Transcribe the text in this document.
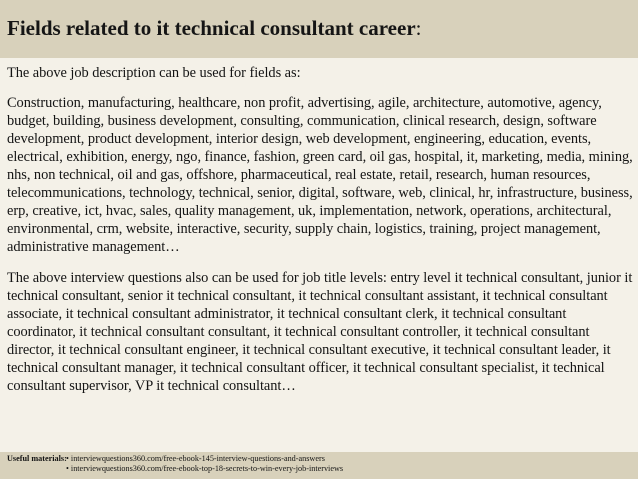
Fields related to it technical consultant career:

The above job description can be used for fields as:

Construction, manufacturing, healthcare, non profit, advertising, agile, architecture, automotive, agency, budget, building, business development, consulting, communication, clinical research, design, software development, product development, interior design, web development, engineering, education, events, electrical, exhibition, energy, ngo, finance, fashion, green card, oil gas, hospital, it, marketing, media, mining, nhs, non technical, oil and gas, offshore, pharmaceutical, real estate, retail, research, human resources, telecommunications, technology, technical, senior, digital, software, web, clinical, hr, infrastructure, business, erp, creative, ict, hvac, sales, quality management, uk, implementation, network, operations, architectural, environmental, crm, website, interactive, security, supply chain, logistics, training, project management, administrative management…

The above interview questions also can be used for job title levels: entry level it technical consultant, junior it technical consultant, senior it technical consultant, it technical consultant assistant, it technical consultant associate, it technical consultant administrator, it technical consultant clerk, it technical consultant coordinator, it technical consultant consultant, it technical consultant controller, it technical consultant director, it technical consultant engineer, it technical consultant executive, it technical consultant leader, it technical consultant manager, it technical consultant officer, it technical consultant specialist, it technical consultant supervisor, VP it technical consultant…

Useful materials: • interviewquestions360.com/free-ebook-145-interview-questions-and-answers
• interviewquestions360.com/free-ebook-top-18-secrets-to-win-every-job-interviews
